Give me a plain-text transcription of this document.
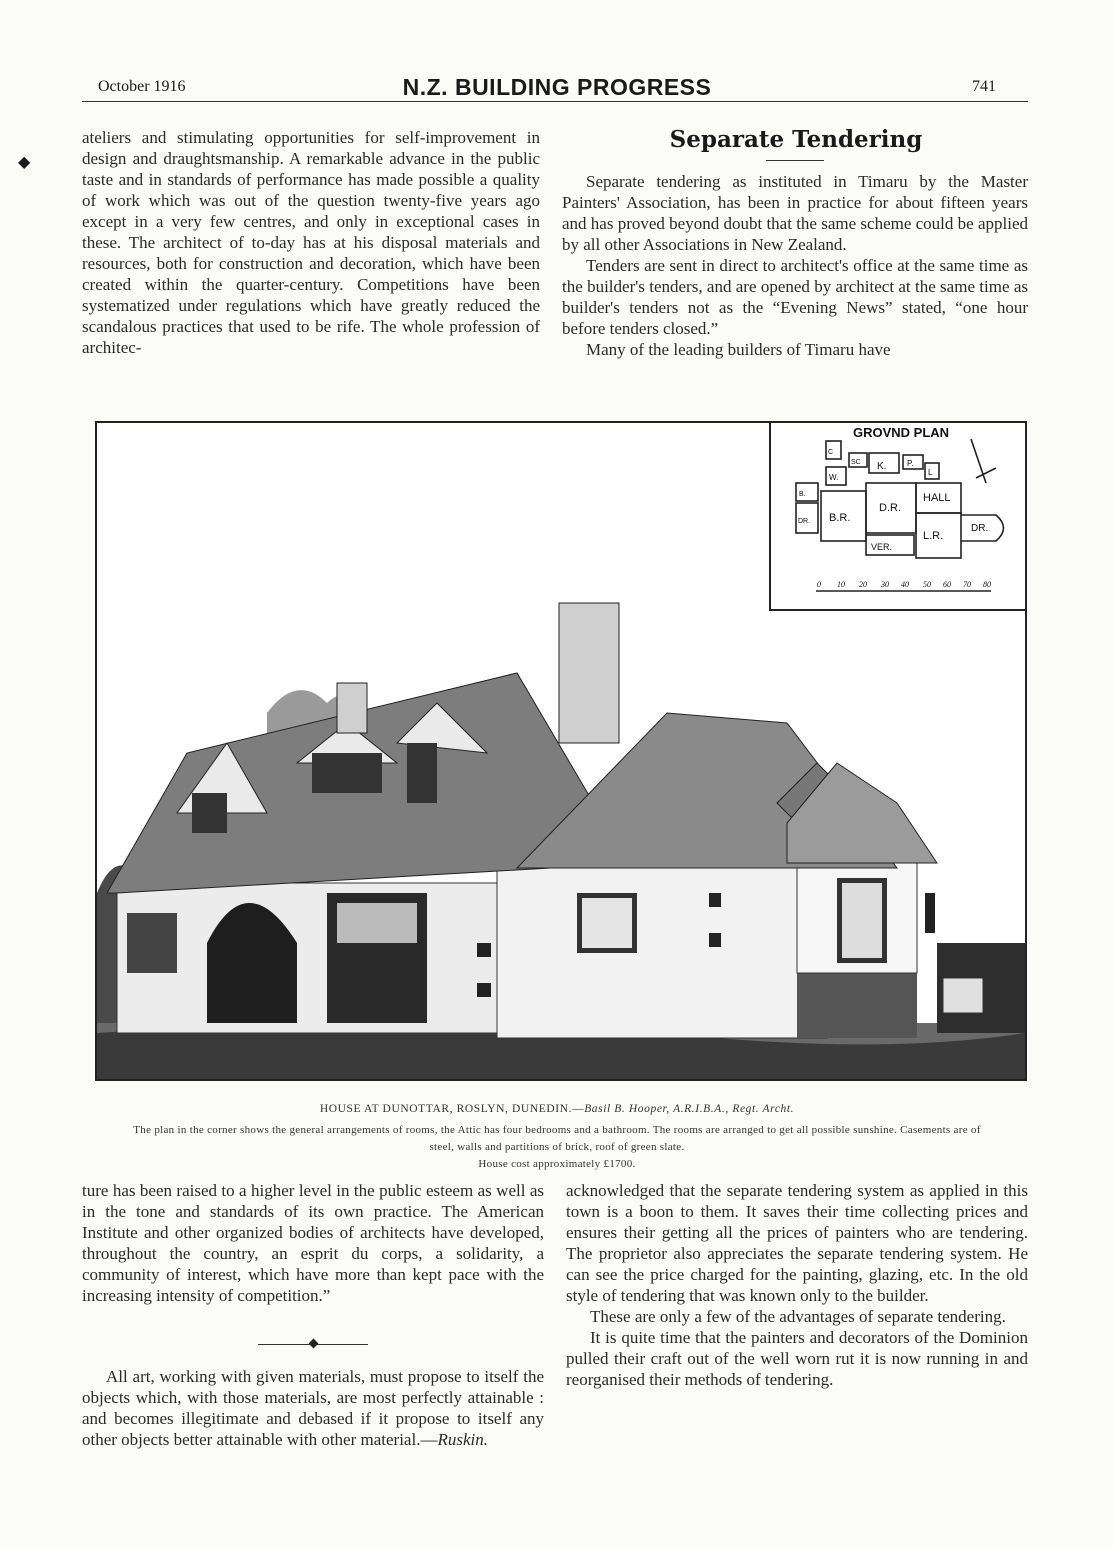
October 1916	N.Z. BUILDING PROGRESS	741
◆

ateliers and stimulating opportunities for self-improvement in design and draughtsmanship. A remarkable advance in the public taste and in standards of performance has made possible a quality of work which was out of the question twenty-five years ago except in a very few centres, and only in exceptional cases in these. The architect of to-day has at his disposal materials and resources, both for construction and decoration, which have been created within the quarter-century. Competitions have been systematized under regulations which have greatly reduced the scandalous practices that used to be rife. The whole profession of architec-

Separate Tendering

Separate tendering as instituted in Timaru by the Master Painters' Association, has been in practice for about fifteen years and has proved beyond doubt that the same scheme could be applied by all other Associations in New Zealand.

Tenders are sent in direct to architect's office at the same time as the builder's tenders, and are opened by architect at the same time as builder's tenders not as the “Evening News” stated, “one hour before tenders closed.”

Many of the leading builders of Timaru have

GROVND PLAN
C
SC K.	P.
L
W.
B.
DR. B.R.
D.R.
HALL
VER.
L.R.
DR.
0 10 20 30 40 50 60 70 80
HOUSE AT DUNOTTAR, ROSLYN, DUNEDIN.—Basil B. Hooper, A.R.I.B.A., Regt. Archt.
The plan in the corner shows the general arrangements of rooms, the Attic has four bedrooms and a bathroom. The rooms are arranged to get all possible sunshine. Casements are of steel, walls and partitions of brick, roof of green slate.
House cost approximately £1700.

ture has been raised to a higher level in the public esteem as well as in the tone and standards of its own practice. The American Institute and other organized bodies of architects have developed, throughout the country, an esprit du corps, a solidarity, a community of interest, which have more than kept pace with the increasing intensity of competition.”

All art, working with given materials, must propose to itself the objects which, with those materials, are most perfectly attainable : and becomes illegitimate and debased if it propose to itself any other objects better attainable with other material.—Ruskin.

acknowledged that the separate tendering system as applied in this town is a boon to them. It saves their time collecting prices and ensures their getting all the prices of painters who are tendering. The proprietor also appreciates the separate tendering system. He can see the price charged for the painting, glazing, etc. In the old style of tendering that was known only to the builder.

These are only a few of the advantages of separate tendering.

It is quite time that the painters and decorators of the Dominion pulled their craft out of the well worn rut it is now running in and reorganised their methods of tendering.
